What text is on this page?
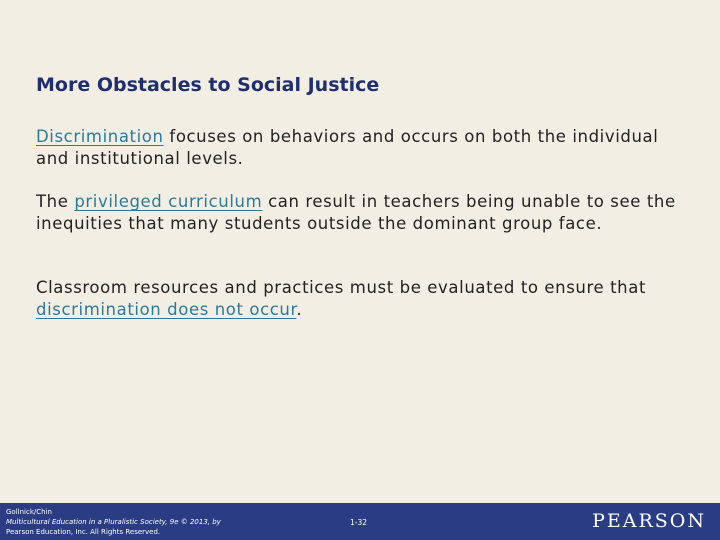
More Obstacles to Social Justice

Discrimination focuses on behaviors and occurs on both the individual and institutional levels.

The privileged curriculum can result in teachers being unable to see the inequities that many students outside the dominant group face.

Classroom resources and practices must be evaluated to ensure that discrimination does not occur.

Gollnick/Chin
Multicultural Education in a Pluralistic Society, 9e © 2013, by
Pearson Education, Inc. All Rights Reserved.
1-32	PEARSON
